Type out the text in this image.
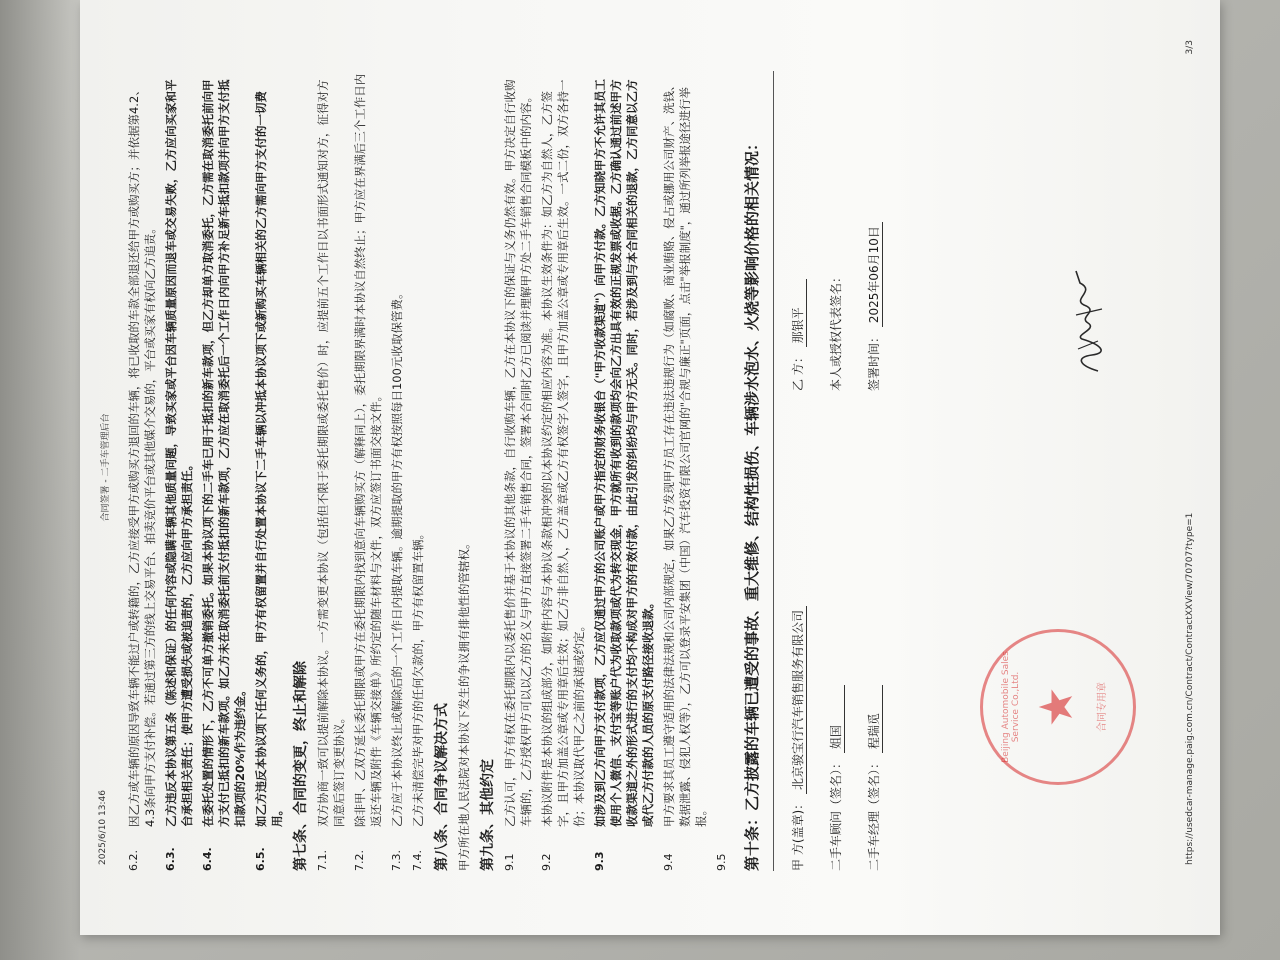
2025/6/10 13:46
合同签署 - 二手车管理后台
6.2.
因乙方或车辆的原因导致车辆不能过户或转籍的，乙方应接受甲方或购买方退回的车辆，将已收取的车款全部退还给甲方或购买方；并依据第4.2、4.3条向甲方支付补偿。若通过第三方的线上交易平台、拍卖竞价平台或其他媒介交易的，平台或买家有权向乙方追责。
6.3.
乙方违反本协议第五条（陈述和保证）的任何内容或隐瞒车辆其他质量问题，导致买家或平台因车辆质量原因而退车或交易失败，乙方应向买家和平台承担相关责任；使甲方遭受损失或被追责的，乙方应向甲方承担责任。
6.4.
在委托处置的情形下，乙方不可单方撤销委托。如果本协议项下的二手车已用于抵扣的新车款项，但乙方却单方取消委托，乙方需在取消委托前向甲方支付已抵扣的新车款项。如乙方未在取消委托前支付抵扣的新车款项，乙方应在取消委托后一个工作日内向甲方补足新车抵扣款项并向甲方支付抵扣款项的20%作为违约金。
6.5.
如乙方违反本协议项下任何义务的，甲方有权留置并自行处置本协议下二手车辆以冲抵本协议项下或新购买车辆相关的乙方需向甲方支付的一切费用。 第七条、合同的变更，终止和解除 7.1.
双方协商一致可以提前解除本协议。一方需变更本协议（包括但不限于委托期限或委托售价）时，应提前五个工作日以书面形式通知对方，征得对方同意后签订变更协议。
7.2.
除非甲、乙双方延长委托期限或甲方在委托期限内找到意向车辆购买方（解释同上），委托期限界满时本协议自然终止；甲方应在界满后三个工作日内返还车辆及附件《车辆交接单》所约定的随车材料与文件，双方应签订书面交接文件。
7.3.
乙方应于本协议终止或解除后的一个工作日内提取车辆。逾期提取的甲方有权按照每日100元收取保管费。
7.4.
乙方未清偿完毕对甲方的任何欠款的，甲方有权留置车辆。 第八条、合同争议解决方式 甲方所在地人民法院对本协议下发生的争议拥有排他性的管辖权。 第九条、其他约定 9.1
乙方认可，甲方有权在委托期限内以委托售价并基于本协议的其他条款，自行收购车辆，乙方在本协议下的保证与义务仍然有效。甲方决定自行收购车辆的，乙方授权甲方可以以乙方的名义与甲方直接签署二手车销售合同，签署本合同时乙方已阅读并理解甲方处二手车销售合同模板中的内容。
9.2
本协议附件是本协议的组成部分，如附件内容与本协议条款相冲突的以本协议约定的相应内容为准。本协议生效条件为：如乙方为自然人，乙方签字，且甲方加盖公章或专用章后生效；如乙方非自然人，乙方盖章或乙方有权签字人签字，且甲方加盖公章或专用章后生效。一式二份，双方各持一份；本协议取代甲乙之前的承诺或约定。
9.3
如涉及到乙方向甲方支付款项，乙方应仅通过甲方的公司账户或甲方指定的财务收银台（"甲方收款渠道"）向甲方付款。乙方知晓甲方不允许其员工使用个人微信、支付宝等账户代为收取款项或代为转交现金，甲方就所有收到的款项均会向乙方出具有效的正规发票或收据。乙方确认通过前述甲方收款渠道之外的形式进行的支付均不构成对甲方的有效付款，由此引发的纠纷均与甲方无关。同时，若涉及到与本合同相关的退款，乙方同意以乙方或代乙方付款的人员的原支付路径接收退款。
9.4
甲方要求其员工遵守适用的法律法规和公司内部规定，如果乙方发现甲方员工存在违法违规行为（如腐败、商业贿赂、侵占或挪用公司财产、洗钱、数据泄露、侵犯人权等），乙方可以登录平安集团（中国）汽车投资有限公司官网的"合规与廉正"页面，点击"举报制度"，通过所列举报途径进行举报。
9.5 第十条：乙方披露的车辆已遭受的事故、重大维修、结构性损伤、车辆涉水泡水、火烧等影响价格的相关情况：	甲 方(盖章)： 北京骏宝行汽车销售服务有限公司
二手车顾问（签名）： 姐国
二手车经理（签名）： 程瑞觅
乙 方： 那银平 本人或授权代表签名： 签署时间： 2025年06月10日
Beijing Automobile Sales Service Co.,Ltd. ★	合同专用章	https://usedcar-manage.paig.com.cn/Contract/ContractXXView/70707?type=1
3/3
